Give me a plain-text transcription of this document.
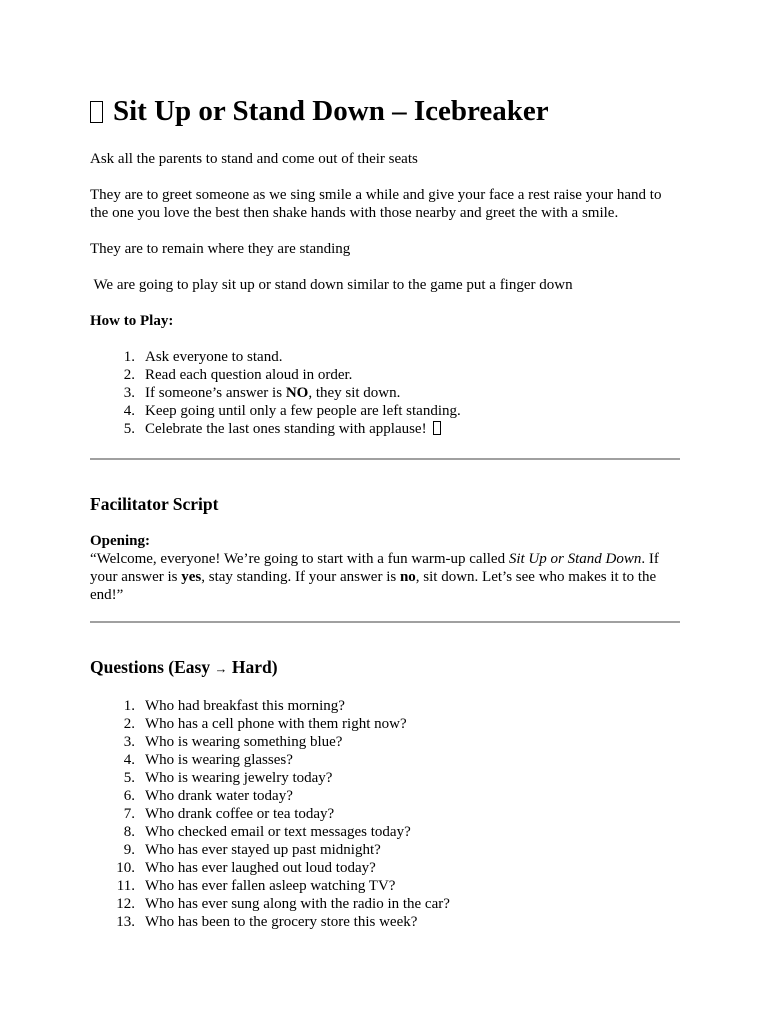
Sit Up or Stand Down – Icebreaker

Ask all the parents to stand and come out of their seats

They are to greet someone as we sing smile a while and give your face a rest raise your hand to the one you love the best then shake hands with those nearby and greet the with a smile.

They are to remain where they are standing

We are going to play sit up or stand down similar to the game put a finger down

How to Play:

1. Ask everyone to stand.
2. Read each question aloud in order.
3. If someone’s answer is NO, they sit down.
4. Keep going until only a few people are left standing.
5. Celebrate the last ones standing with applause!
Facilitator Script
Opening:

“Welcome, everyone! We’re going to start with a fun warm-up called Sit Up or Stand Down. If your answer is yes, stay standing. If your answer is no, sit down. Let’s see who makes it to the end!”

Questions (Easy → Hard)
1. Who had breakfast this morning?
2. Who has a cell phone with them right now?
3. Who is wearing something blue?
4. Who is wearing glasses?
5. Who is wearing jewelry today?
6. Who drank water today?
7. Who drank coffee or tea today?
8. Who checked email or text messages today?
9. Who has ever stayed up past midnight?
10. Who has ever laughed out loud today?
11. Who has ever fallen asleep watching TV?
12. Who has ever sung along with the radio in the car?
13. Who has been to the grocery store this week?
